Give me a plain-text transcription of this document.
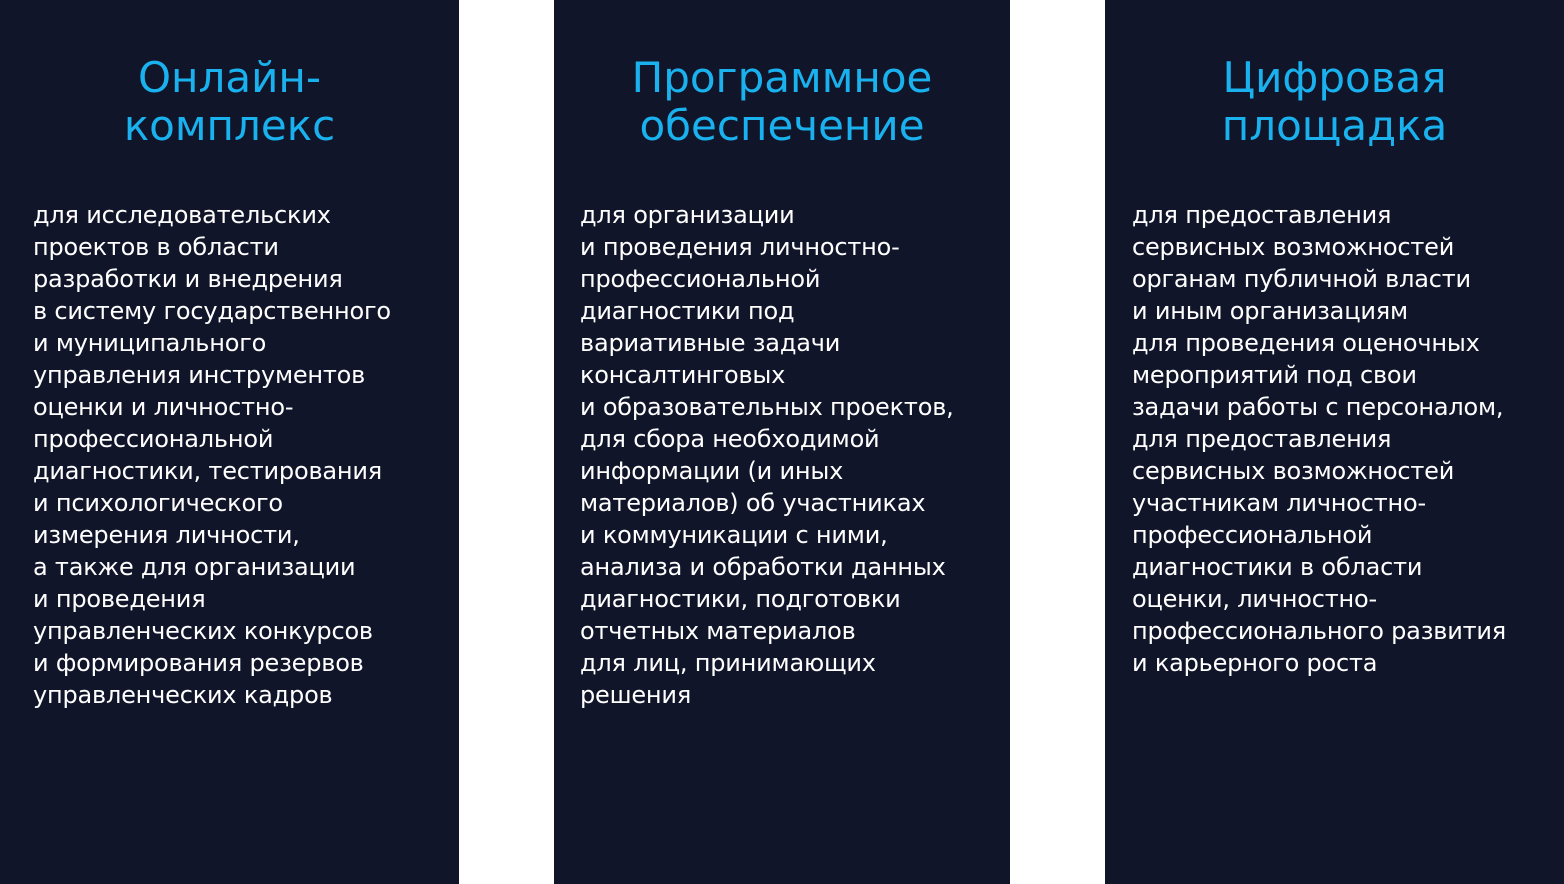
Онлайн-
комплекс
для исследовательских
проектов в области
разработки и внедрения
в систему государственного
и муниципального
управления инструментов
оценки и личностно-
профессиональной
диагностики, тестирования
и психологического
измерения личности,
а также для организации
и проведения
управленческих конкурсов
и формирования резервов
управленческих кадров
Программное
обеспечение
для организации
и проведения личностно-
профессиональной
диагностики под
вариативные задачи
консалтинговых
и образовательных проектов,
для сбора необходимой
информации (и иных
материалов) об участниках
и коммуникации с ними,
анализа и обработки данных
диагностики, подготовки
отчетных материалов
для лиц, принимающих
решения
Цифровая
площадка
для предоставления
сервисных возможностей
органам публичной власти
и иным организациям
для проведения оценочных
мероприятий под свои
задачи работы с персоналом,
для предоставления
сервисных возможностей
участникам личностно-
профессиональной
диагностики в области
оценки, личностно-
профессионального развития
и карьерного роста
